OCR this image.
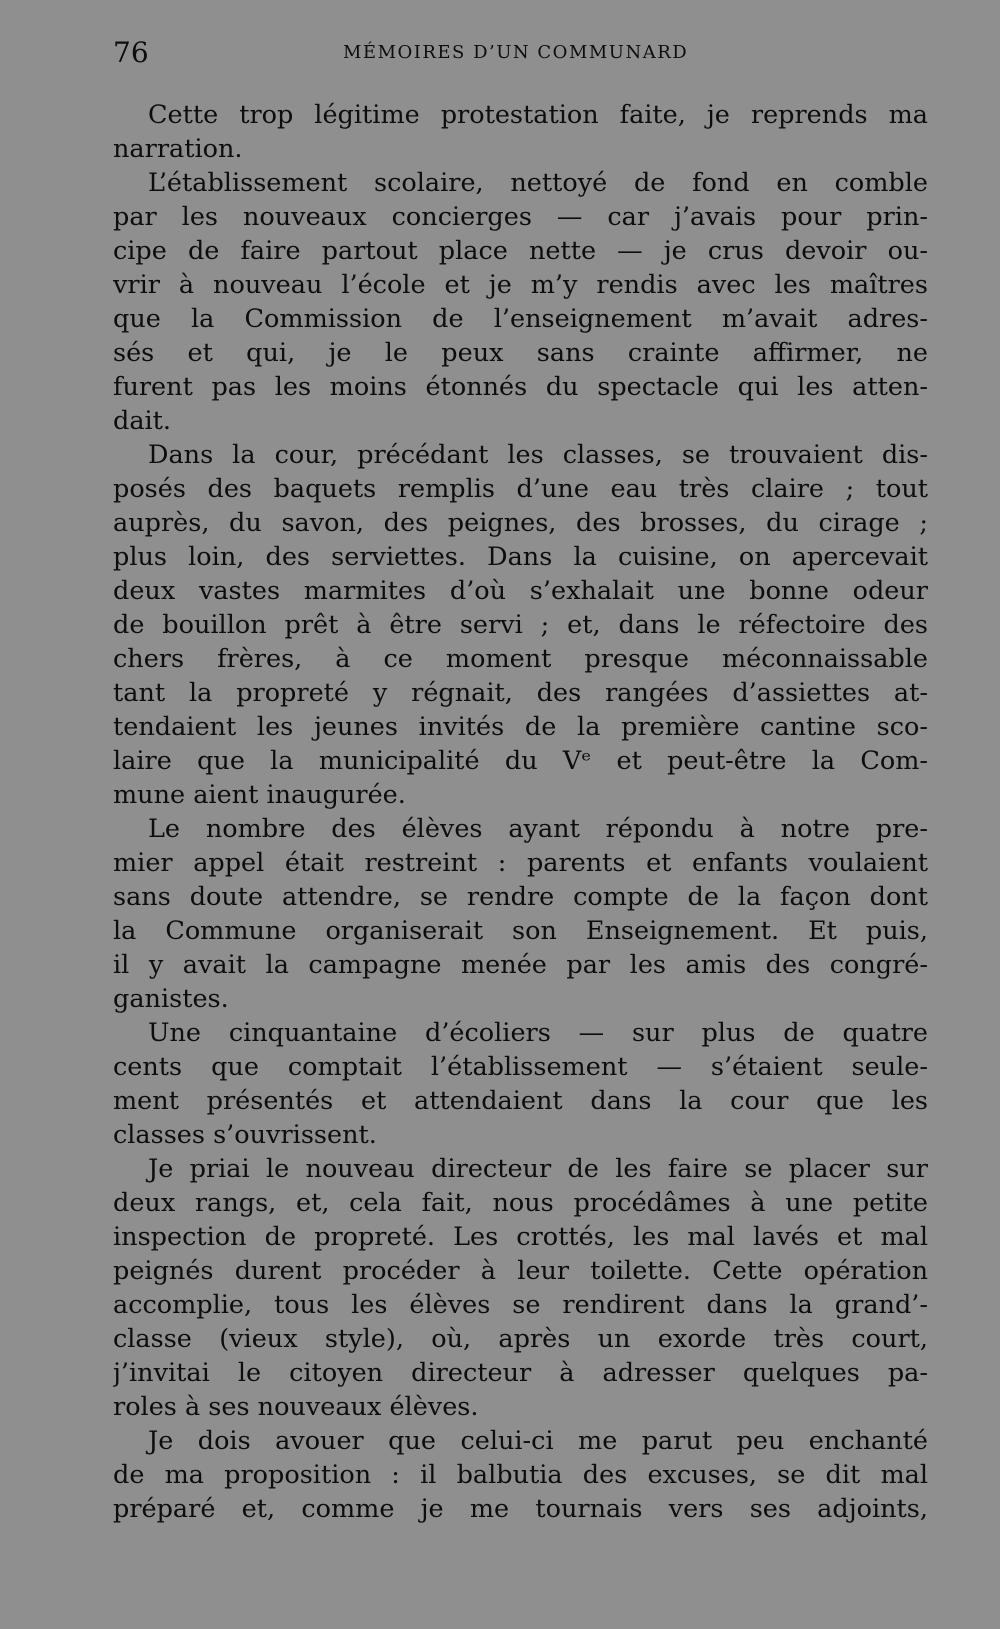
76	MÉMOIRES D’UN COMMUNARD
Cette trop légitime protestation faite, je reprends ma
narration.
L’établissement scolaire, nettoyé de fond en comble
par les nouveaux concierges — car j’avais pour prin-
cipe de faire partout place nette — je crus devoir ou-
vrir à nouveau l’école et je m’y rendis avec les maîtres
que la Commission de l’enseignement m’avait adres-
sés et qui, je le peux sans crainte affirmer, ne
furent pas les moins étonnés du spectacle qui les atten-
dait.
Dans la cour, précédant les classes, se trouvaient dis-
posés des baquets remplis d’une eau très claire ; tout
auprès, du savon, des peignes, des brosses, du cirage ;
plus loin, des serviettes. Dans la cuisine, on apercevait
deux vastes marmites d’où s’exhalait une bonne odeur
de bouillon prêt à être servi ; et, dans le réfectoire des
chers frères, à ce moment presque méconnaissable
tant la propreté y régnait, des rangées d’assiettes at-
tendaient les jeunes invités de la première cantine sco-
laire que la municipalité du Vᵉ et peut-être la Com-
mune aient inaugurée.
Le nombre des élèves ayant répondu à notre pre-
mier appel était restreint : parents et enfants voulaient
sans doute attendre, se rendre compte de la façon dont
la Commune organiserait son Enseignement. Et puis,
il y avait la campagne menée par les amis des congré-
ganistes.
Une cinquantaine d’écoliers — sur plus de quatre
cents que comptait l’établissement — s’étaient seule-
ment présentés et attendaient dans la cour que les
classes s’ouvrissent.
Je priai le nouveau directeur de les faire se placer sur
deux rangs, et, cela fait, nous procédâmes à une petite
inspection de propreté. Les crottés, les mal lavés et mal
peignés durent procéder à leur toilette. Cette opération
accomplie, tous les élèves se rendirent dans la grand’-
classe (vieux style), où, après un exorde très court,
j’invitai le citoyen directeur à adresser quelques pa-
roles à ses nouveaux élèves.
Je dois avouer que celui-ci me parut peu enchanté
de ma proposition : il balbutia des excuses, se dit mal
préparé et, comme je me tournais vers ses adjoints,
